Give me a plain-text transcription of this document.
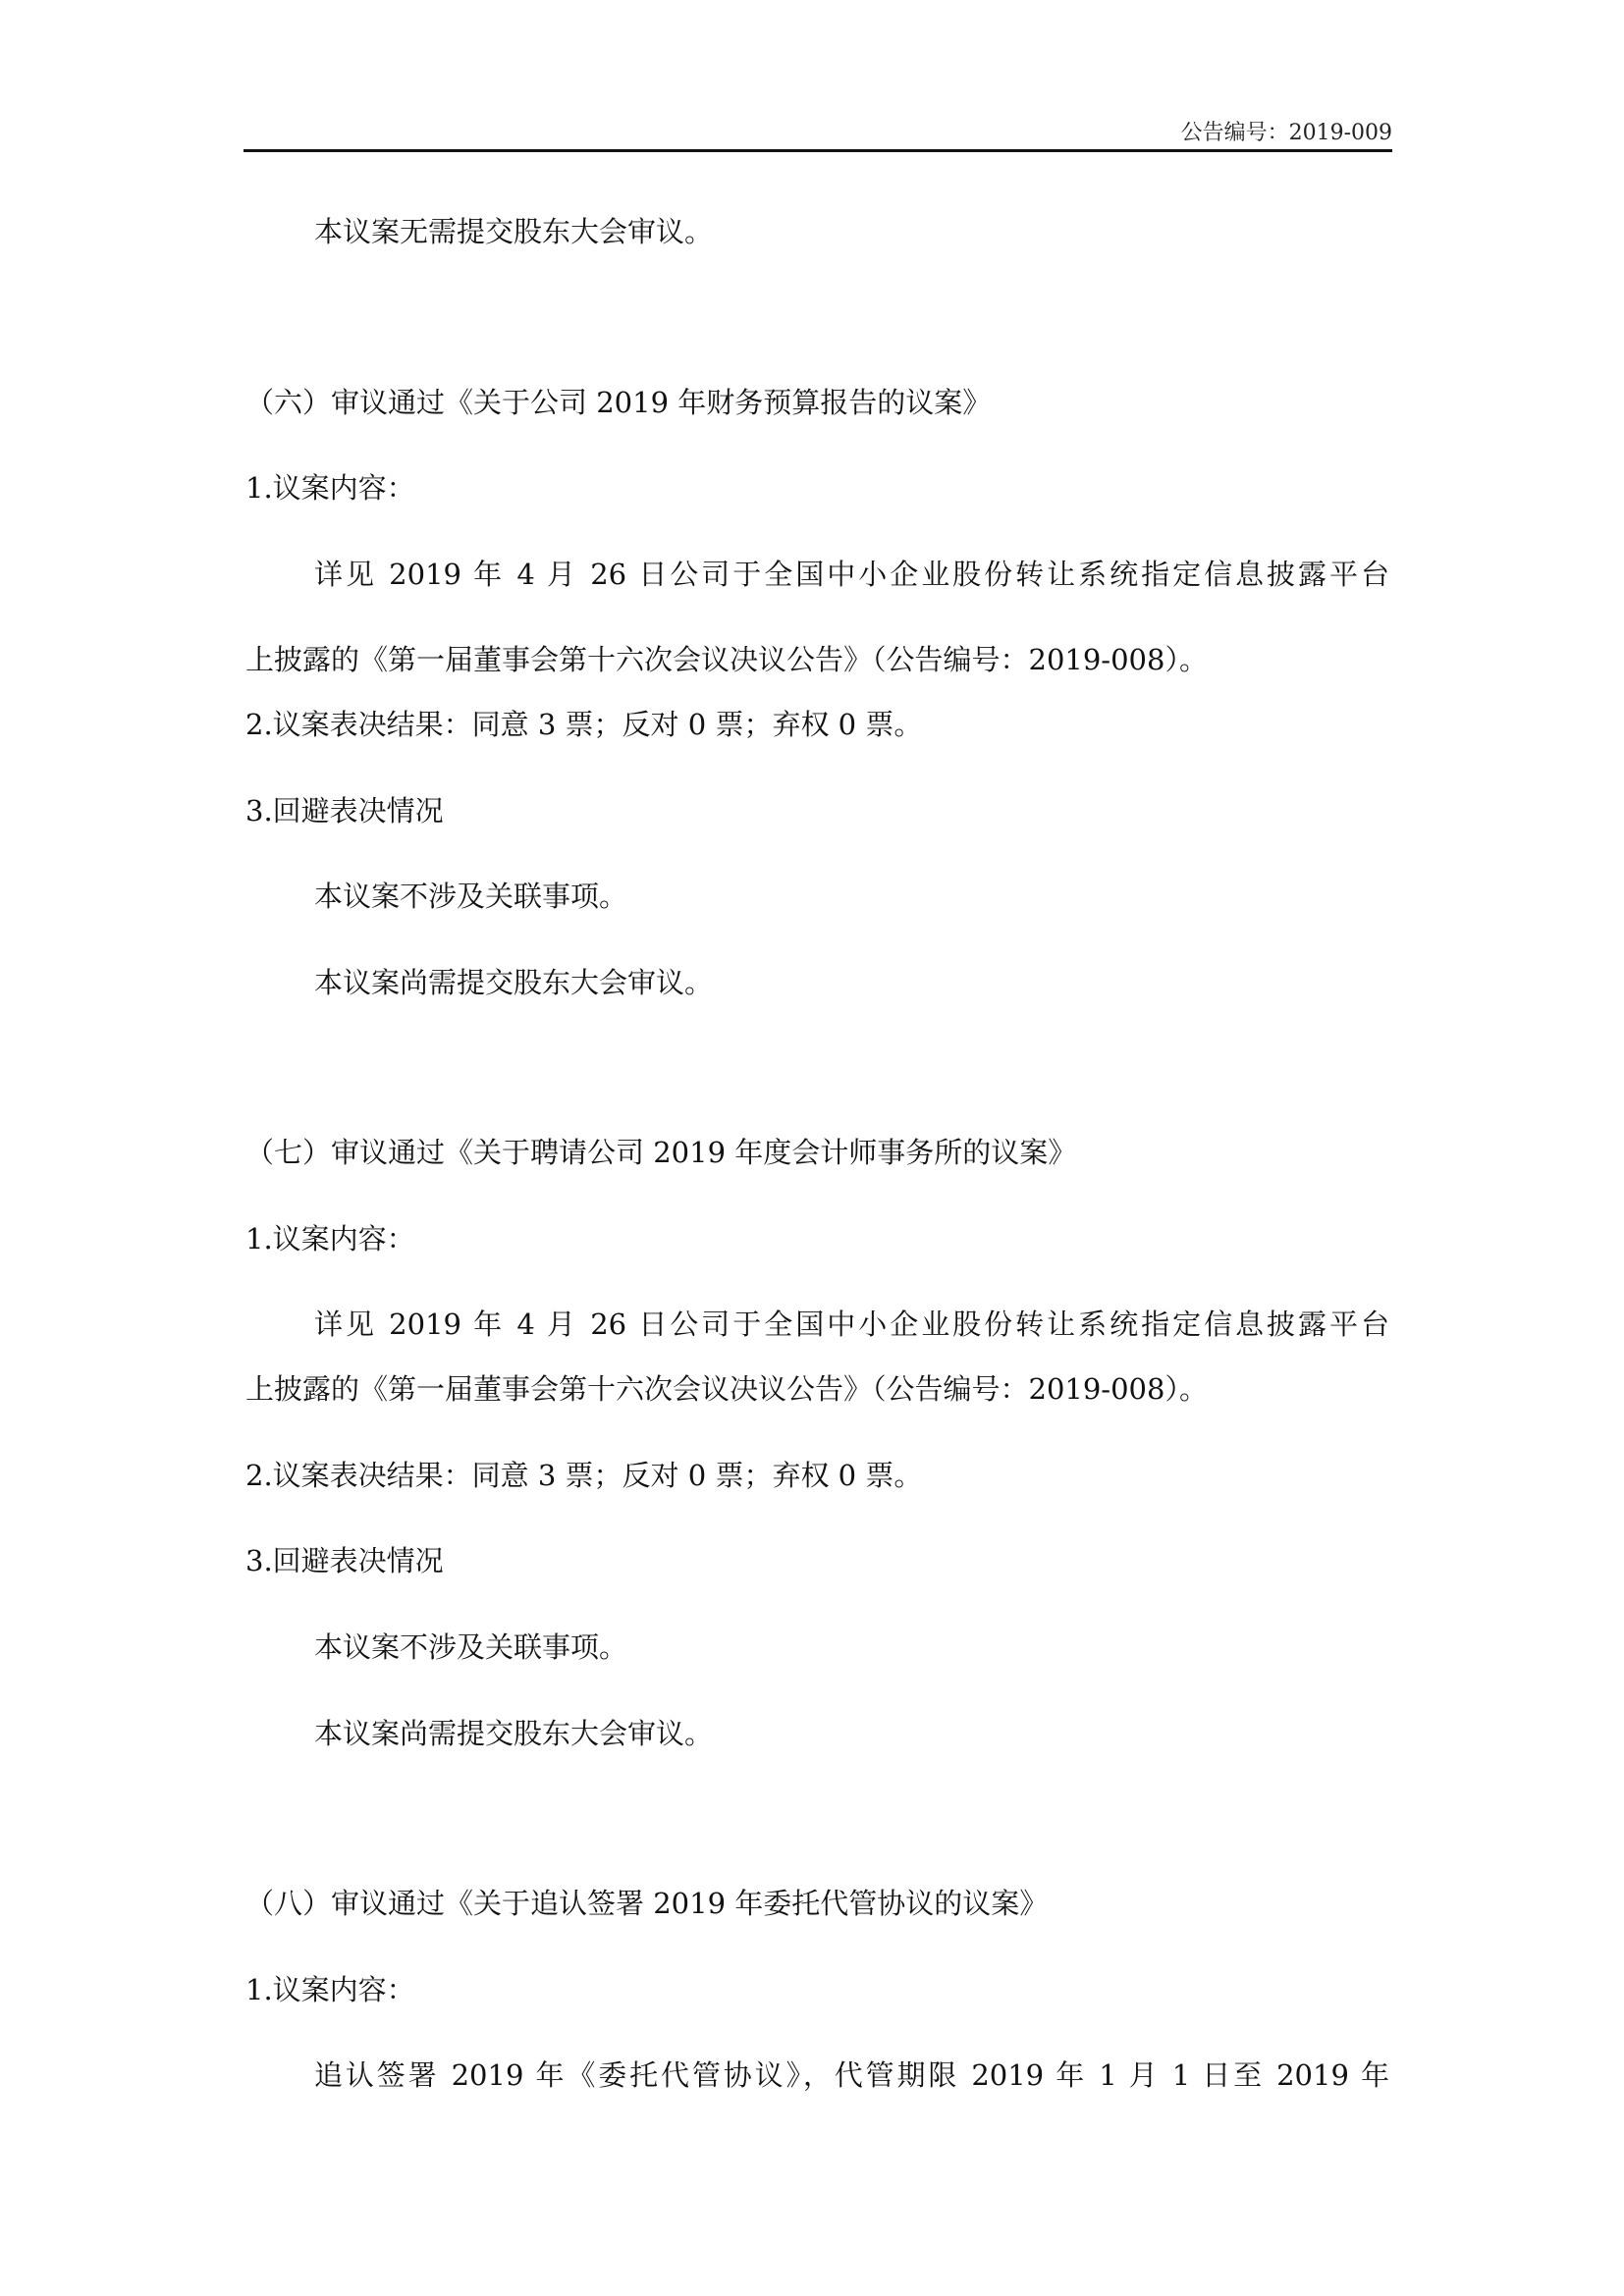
公告编号：2019-009
本议案无需提交股东大会审议。
（六）审议通过《关于公司 2019 年财务预算报告的议案》
1.议案内容：
详见 2019 年 4 月 26 日公司于全国中小企业股份转让系统指定信息披露平台
上披露的《第一届董事会第十六次会议决议公告》（公告编号：2019-008）。
2.议案表决结果：同意 3 票；反对 0 票；弃权 0 票。
3.回避表决情况
本议案不涉及关联事项。
本议案尚需提交股东大会审议。
（七）审议通过《关于聘请公司 2019 年度会计师事务所的议案》
1.议案内容：
详见 2019 年 4 月 26 日公司于全国中小企业股份转让系统指定信息披露平台
上披露的《第一届董事会第十六次会议决议公告》（公告编号：2019-008）。
2.议案表决结果：同意 3 票；反对 0 票；弃权 0 票。
3.回避表决情况
本议案不涉及关联事项。
本议案尚需提交股东大会审议。
（八）审议通过《关于追认签署 2019 年委托代管协议的议案》
1.议案内容：
追认签署 2019 年《委托代管协议》，代管期限 2019 年 1 月 1 日至 2019 年
